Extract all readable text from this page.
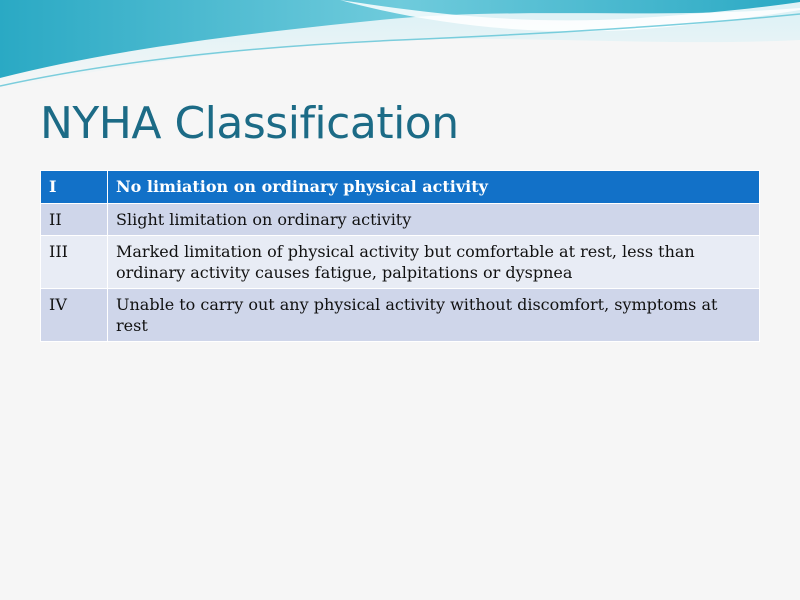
NYHA Classification
I	No limiation on ordinary physical activity
II	Slight limitation on ordinary activity
III	Marked limitation of physical activity but comfortable at rest, less than ordinary activity causes fatigue, palpitations or dyspnea
IV	Unable to carry out any physical activity without discomfort, symptoms at rest
